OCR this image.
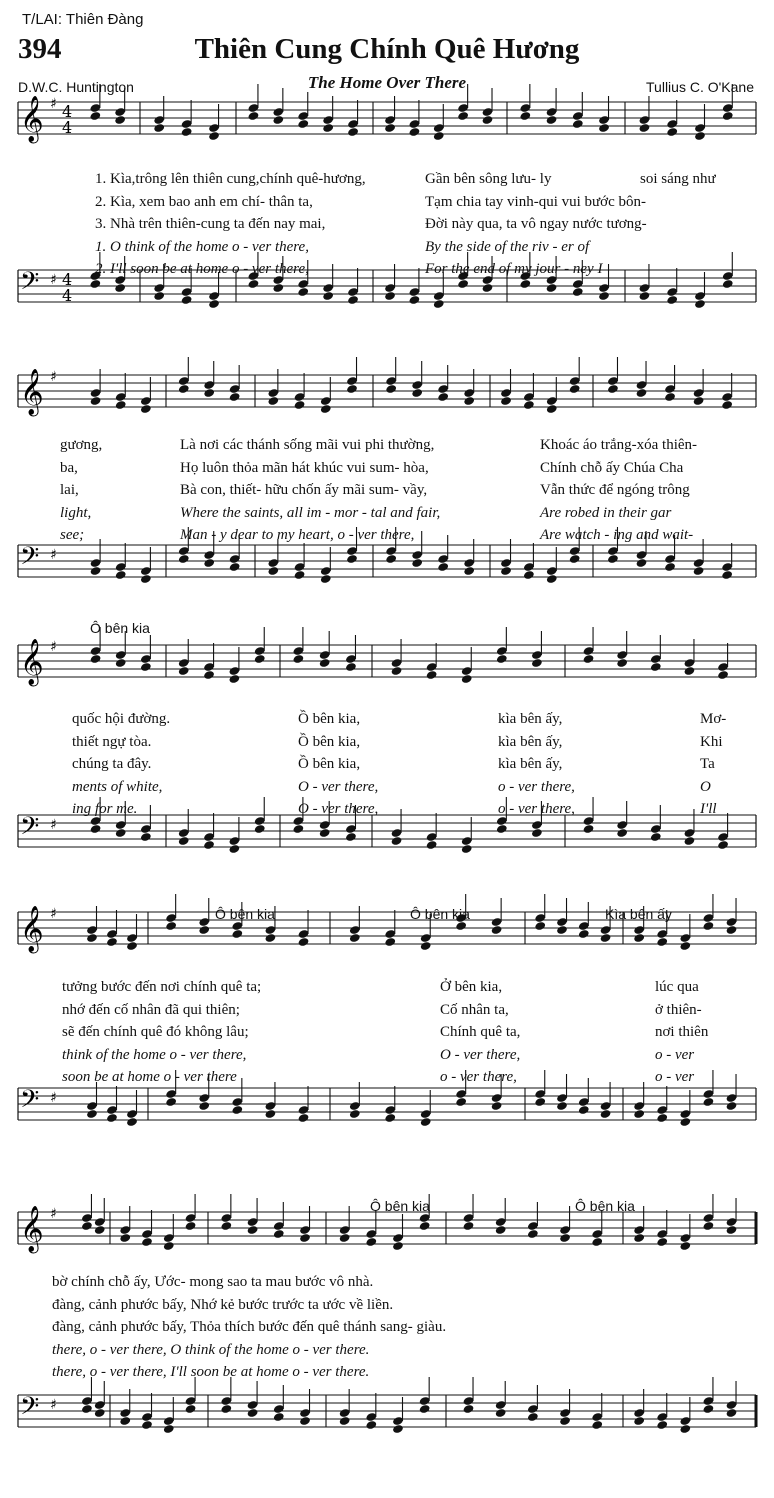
T/LAI: Thiên Đàng
394	Thiên Cung Chính Quê Hương
The Home Over There
D.W.C. Huntington	Tullius C. O'Kane
𝄞
𝄢
♯
♯
4
4
4
4
𝄞
𝄢
♯
♯
𝄞
𝄢
♯
♯
𝄞
𝄢
♯
♯
𝄞
𝄢
♯
♯
1. Kìa,trông lên thiên cung,chính quê-hương,	Gần bên sông lưu- ly	soi sáng như
2. Kìa, xem bao anh em chí- thân ta,	Tạm chia tay vinh-qui vui bước bôn-
3. Nhà trên thiên-cung ta đến nay mai,	Đời này qua, ta vô ngay nước tương-
1. O think of the home o - ver there,	By the side of the riv - er of
2. I'll soon be at home o - ver there,	For the end of my jour - ney I
gương,	Là nơi các thánh sống mãi vui phi thường,	Khoác áo trắng-xóa thiên-
ba,	Họ luôn thỏa mãn hát khúc vui sum- hòa,	Chính chỗ ấy Chúa Cha
lai,	Bà con, thiết- hữu chốn ấy mãi sum- vầy,	Vẫn thức để ngóng trông
light,	Where the saints, all im - mor - tal and fair,	Are robed in their gar
see;	Man - y dear to my heart, o - ver there,	Are watch - ing and wait-
Ô bên kia
quốc hội đường.	Ồ bên kia,	kìa bên ấy,	Mơ-
thiết ngự tòa.	Ồ bên kia,	kìa bên ấy,	Khi
chúng ta đây.	Ồ bên kia,	kìa bên ấy,	Ta
ments of white,	O - ver there,	o - ver there,	O
ing for me.	O - ver there,	o - ver there,	I'll
Ô bên kia	Ô bên kia	Kìa bên ấy
tưởng bước đến nơi chính quê ta;	Ở bên kia,	lúc qua
nhớ đến cố nhân đã qui thiên;	Cố nhân ta,	ở thiên-
sẽ đến chính quê đó không lâu;	Chính quê ta,	nơi thiên
think of the home o - ver there,	O - ver there,	o - ver
soon be at home o - ver there	o - ver there,	o - ver
Ô bên kia	Ô bên kia
bờ chính chỗ ấy, Ước- mong sao ta mau bước vô nhà.
đàng, cảnh phước bấy, Nhớ kẻ bước trước ta ước về liền.
đàng, cảnh phước bấy, Thỏa thích bước đến quê thánh sang- giàu.
there, o - ver there, O think of the home o - ver there.
there, o - ver there, I'll soon be at home o - ver there.
